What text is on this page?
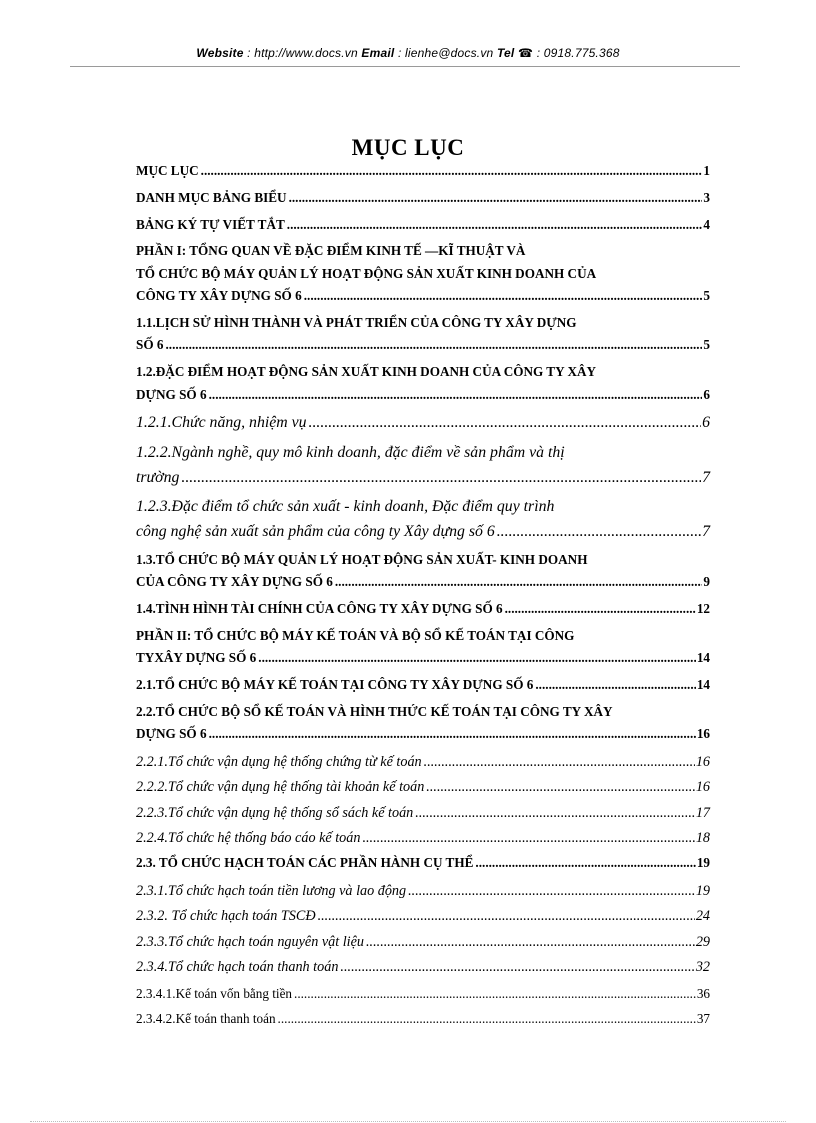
Website : http://www.docs.vn Email : lienhe@docs.vn Tel ☎ : 0918.775.368
MỤC LỤC
MỤC LỤC .....	1
DANH MỤC BẢNG BIỂU .....	3
BẢNG KÝ TỰ VIẾT TẮT .....	4
PHẦN I: TỔNG QUAN VỀ ĐẶC ĐIỂM KINH TẾ —KĨ THUẬT VÀ
TỔ CHỨC BỘ MÁY QUẢN LÝ HOẠT ĐỘNG SẢN XUẤT KINH DOANH CỦA
CÔNG TY XÂY DỰNG SỐ 6 .....	5
1.1.LỊCH SỬ HÌNH THÀNH VÀ PHÁT TRIỂN CỦA CÔNG TY XÂY DỰNG
SỐ 6 .....	5
1.2.ĐẶC ĐIỂM HOẠT ĐỘNG SẢN XUẤT KINH DOANH CỦA CÔNG TY XÂY
DỰNG SỐ 6 .....	6
1.2.1.Chức năng, nhiệm vụ .....	6
1.2.2.Ngành nghề, quy mô kinh doanh, đặc điểm về sản phẩm và thị
trường .....	7
1.2.3.Đặc điểm tổ chức sản xuất - kinh doanh, Đặc điểm quy trình
công nghệ sản xuất sản phẩm của công ty Xây dựng số 6 .....	7
1.3.TỔ CHỨC BỘ MÁY QUẢN LÝ HOẠT ĐỘNG SẢN XUẤT- KINH DOANH
CỦA CÔNG TY XÂY DỰNG SỐ 6 .....	9
1.4.TÌNH HÌNH TÀI CHÍNH CỦA CÔNG TY XÂY DỰNG SỐ 6 .....	12
PHẦN II: TỔ CHỨC BỘ MÁY KẾ TOÁN VÀ BỘ SỔ KẾ TOÁN TẠI CÔNG
TYXÂY DỰNG SỐ 6 .....	14
2.1.TỔ CHỨC BỘ MÁY KẾ TOÁN TẠI CÔNG TY XÂY DỰNG SỐ 6 .....	14
2.2.TỔ CHỨC BỘ SỔ KẾ TOÁN VÀ HÌNH THỨC KẾ TOÁN TẠI CÔNG TY XÂY
DỰNG SỐ 6 .....	16
2.2.1.Tổ chức vận dụng hệ thống chứng từ kế toán .....	16
2.2.2.Tổ chức vận dụng hệ thống tài khoản kế toán .....	16
2.2.3.Tổ chức vận dụng hệ thống sổ sách kế toán .....	17
2.2.4.Tổ chức hệ thống báo cáo kế toán .....	18
2.3. TỔ CHỨC HẠCH TOÁN CÁC PHẦN HÀNH CỤ THỂ .....	19
2.3.1.Tổ chức hạch toán tiền lương và lao động .....	19
2.3.2. Tổ chức hạch toán TSCĐ .....	24
2.3.3.Tổ chức hạch toán nguyên vật liệu .....	29
2.3.4.Tổ chức hạch toán thanh toán .....	32
2.3.4.1.Kế toán vốn bằng tiền .....	36
2.3.4.2.Kế toán thanh toán .....	37
